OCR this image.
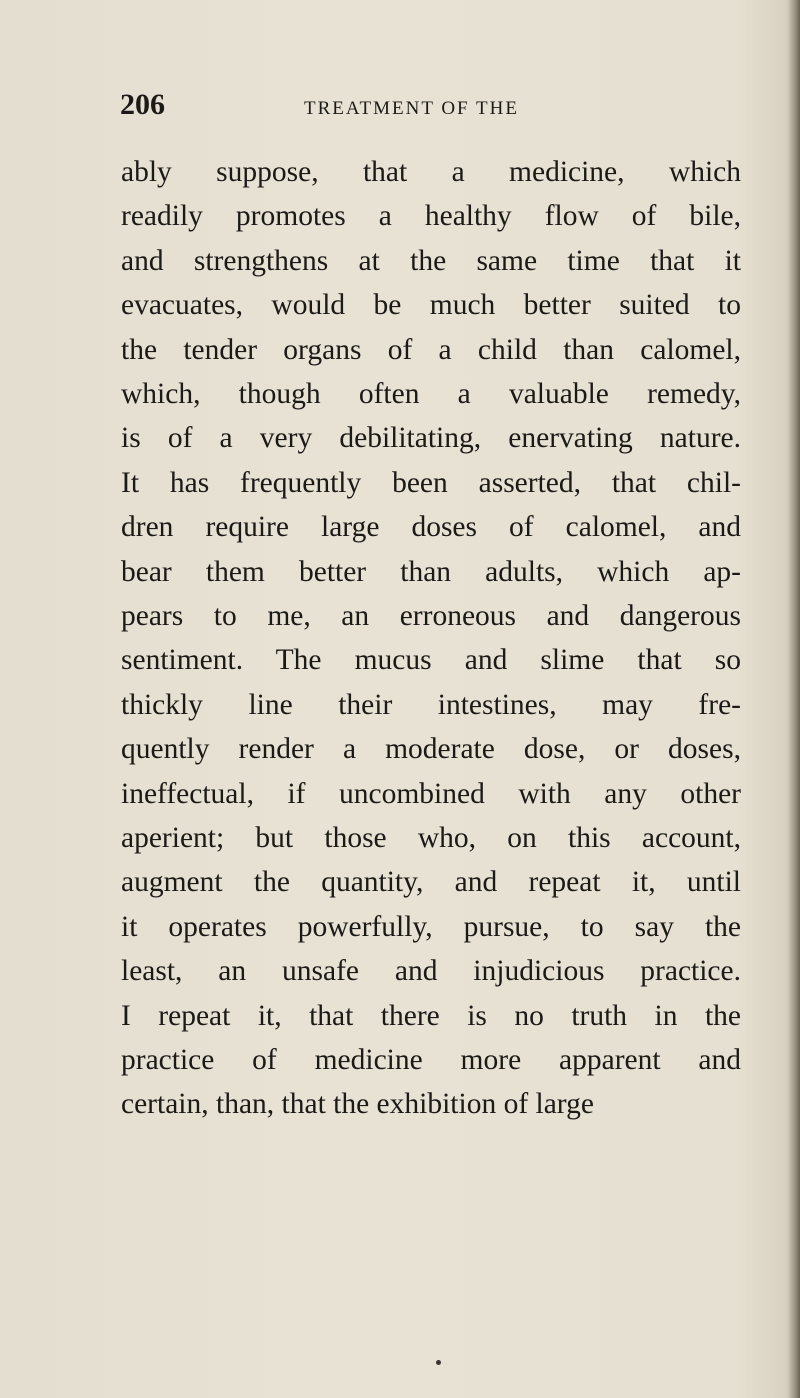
206	TREATMENT OF THE
ably suppose, that a medicine, which
readily promotes a healthy flow of bile,
and strengthens at the same time that it
evacuates, would be much better suited to
the tender organs of a child than calomel,
which, though often a valuable remedy,
is of a very debilitating, enervating nature.
It has frequently been asserted, that chil-
dren require large doses of calomel, and
bear them better than adults, which ap-
pears to me, an erroneous and dangerous
sentiment. The mucus and slime that so
thickly line their intestines, may fre-
quently render a moderate dose, or doses,
ineffectual, if uncombined with any other
aperient; but those who, on this account,
augment the quantity, and repeat it, until
it operates powerfully, pursue, to say the
least, an unsafe and injudicious practice.
I repeat it, that there is no truth in the
practice of medicine more apparent and
certain, than, that the exhibition of large
